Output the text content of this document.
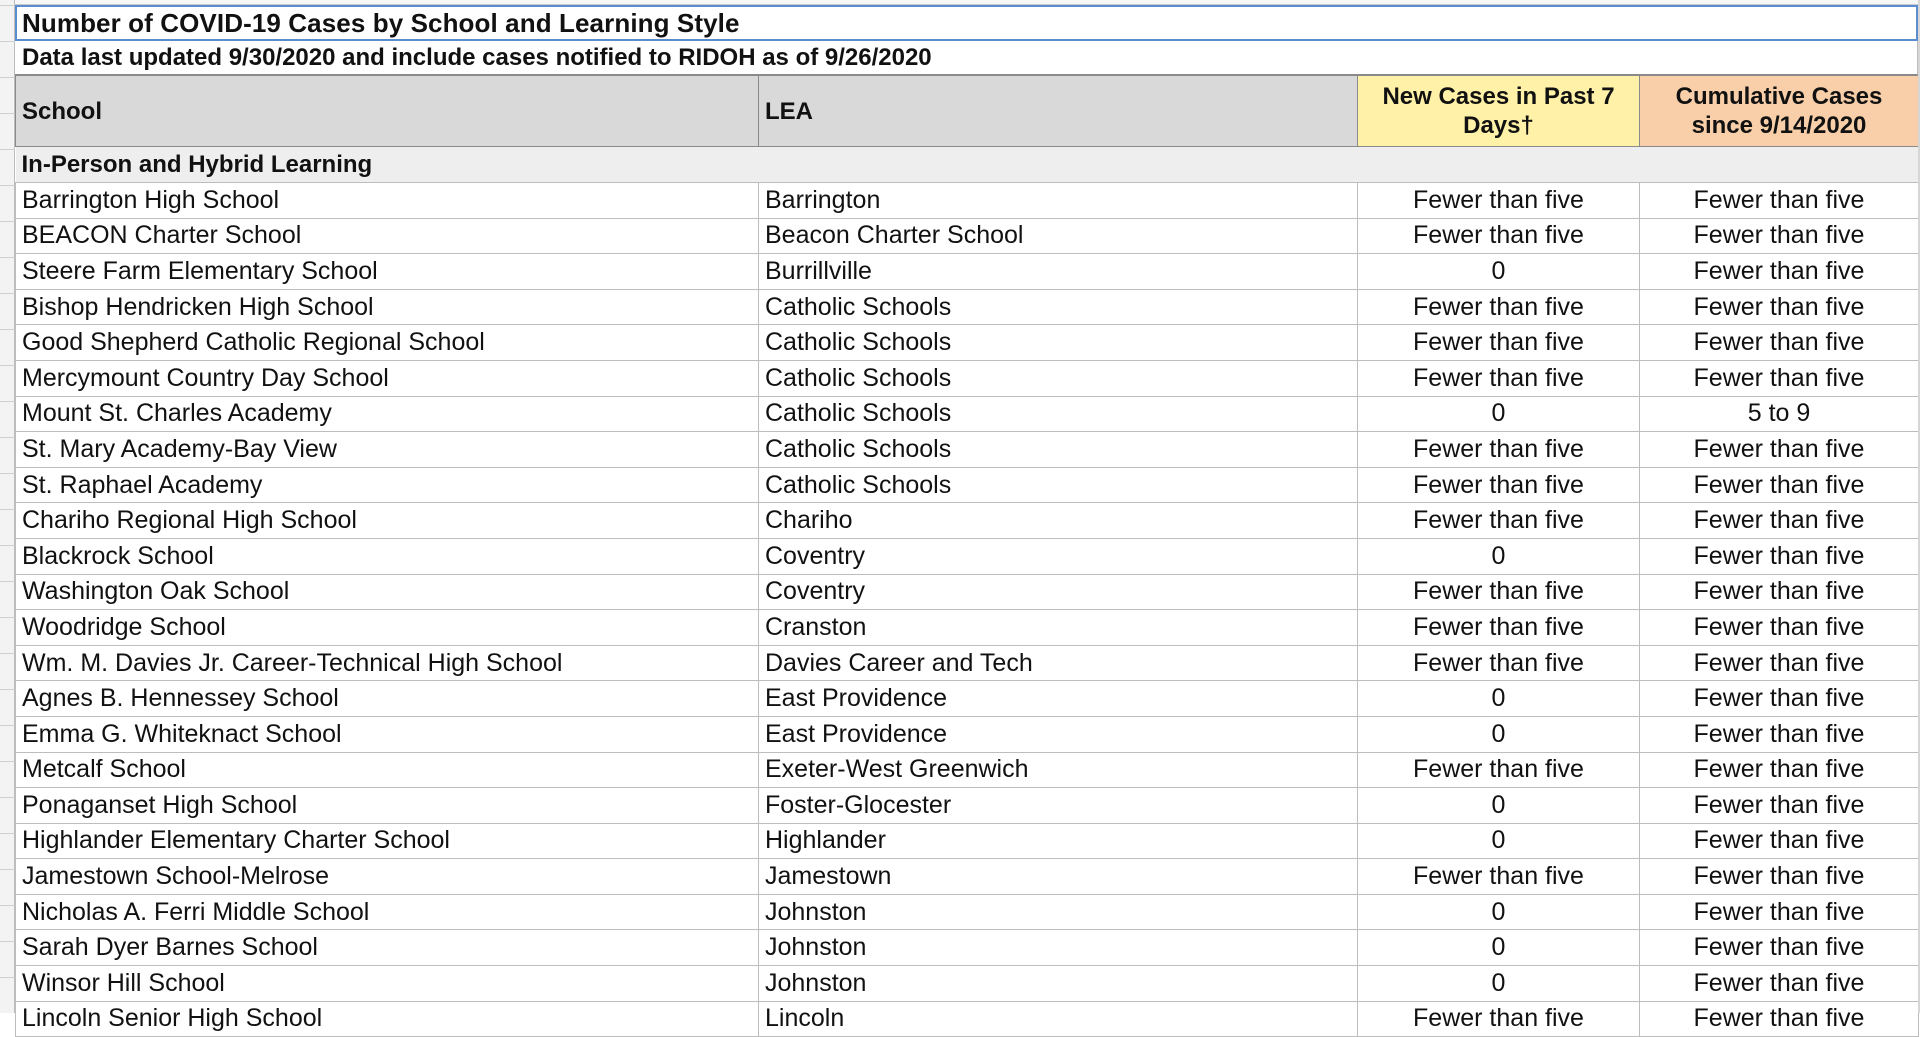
Number of COVID-19 Cases by School and Learning Style
Data last updated 9/30/2020 and include cases notified to RIDOH as of 9/26/2020
School	LEA	New Cases in Past 7 Days†	Cumulative Cases since 9/14/2020
In-Person and Hybrid Learning			
Barrington High School	Barrington	Fewer than five	Fewer than five
BEACON Charter School	Beacon Charter School	Fewer than five	Fewer than five
Steere Farm Elementary School	Burrillville	0	Fewer than five
Bishop Hendricken High School	Catholic Schools	Fewer than five	Fewer than five
Good Shepherd Catholic Regional School	Catholic Schools	Fewer than five	Fewer than five
Mercymount Country Day School	Catholic Schools	Fewer than five	Fewer than five
Mount St. Charles Academy	Catholic Schools	0	5 to 9
St. Mary Academy-Bay View	Catholic Schools	Fewer than five	Fewer than five
St. Raphael Academy	Catholic Schools	Fewer than five	Fewer than five
Chariho Regional High School	Chariho	Fewer than five	Fewer than five
Blackrock School	Coventry	0	Fewer than five
Washington Oak School	Coventry	Fewer than five	Fewer than five
Woodridge School	Cranston	Fewer than five	Fewer than five
Wm. M. Davies Jr. Career-Technical High School	Davies Career and Tech	Fewer than five	Fewer than five
Agnes B. Hennessey School	East Providence	0	Fewer than five
Emma G. Whiteknact School	East Providence	0	Fewer than five
Metcalf School	Exeter-West Greenwich	Fewer than five	Fewer than five
Ponaganset High School	Foster-Glocester	0	Fewer than five
Highlander Elementary Charter School	Highlander	0	Fewer than five
Jamestown School-Melrose	Jamestown	Fewer than five	Fewer than five
Nicholas A. Ferri Middle School	Johnston	0	Fewer than five
Sarah Dyer Barnes School	Johnston	0	Fewer than five
Winsor Hill School	Johnston	0	Fewer than five
Lincoln Senior High School	Lincoln	Fewer than five	Fewer than five
